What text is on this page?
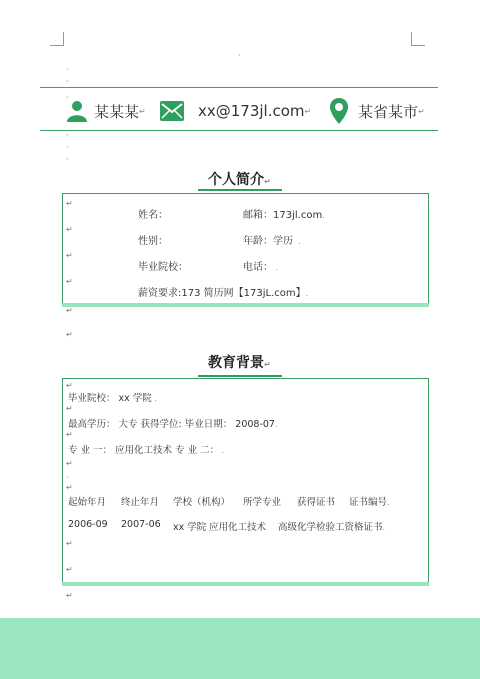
·
·
·
·
·
·
·
某某某 ↵	xx@173jl.com ↵	某省某市 ↵
个人简介↵
↵
姓名：	邮箱：173jl.com.
↵
性别：	年龄：学历  .
↵
毕业院校：	电话： .
↵
薪资要求:173 简历网【173jL.com】.
↵
↵
教育背景↵
↵
毕业院校： xx 学院 .
↵
最高学历： 大专 获得学位: 毕业日期： 2008-07.
↵
专 业 一： 应用化工技术 专 业 二： .
↵
·
↵
起始年月 终止年月 学校（机构） 所学专业 获得证书 证书编号.
2006-09 2007-06 xx 学院 应用化工技术 高级化学检验工资格证书.
↵
↵
↵
